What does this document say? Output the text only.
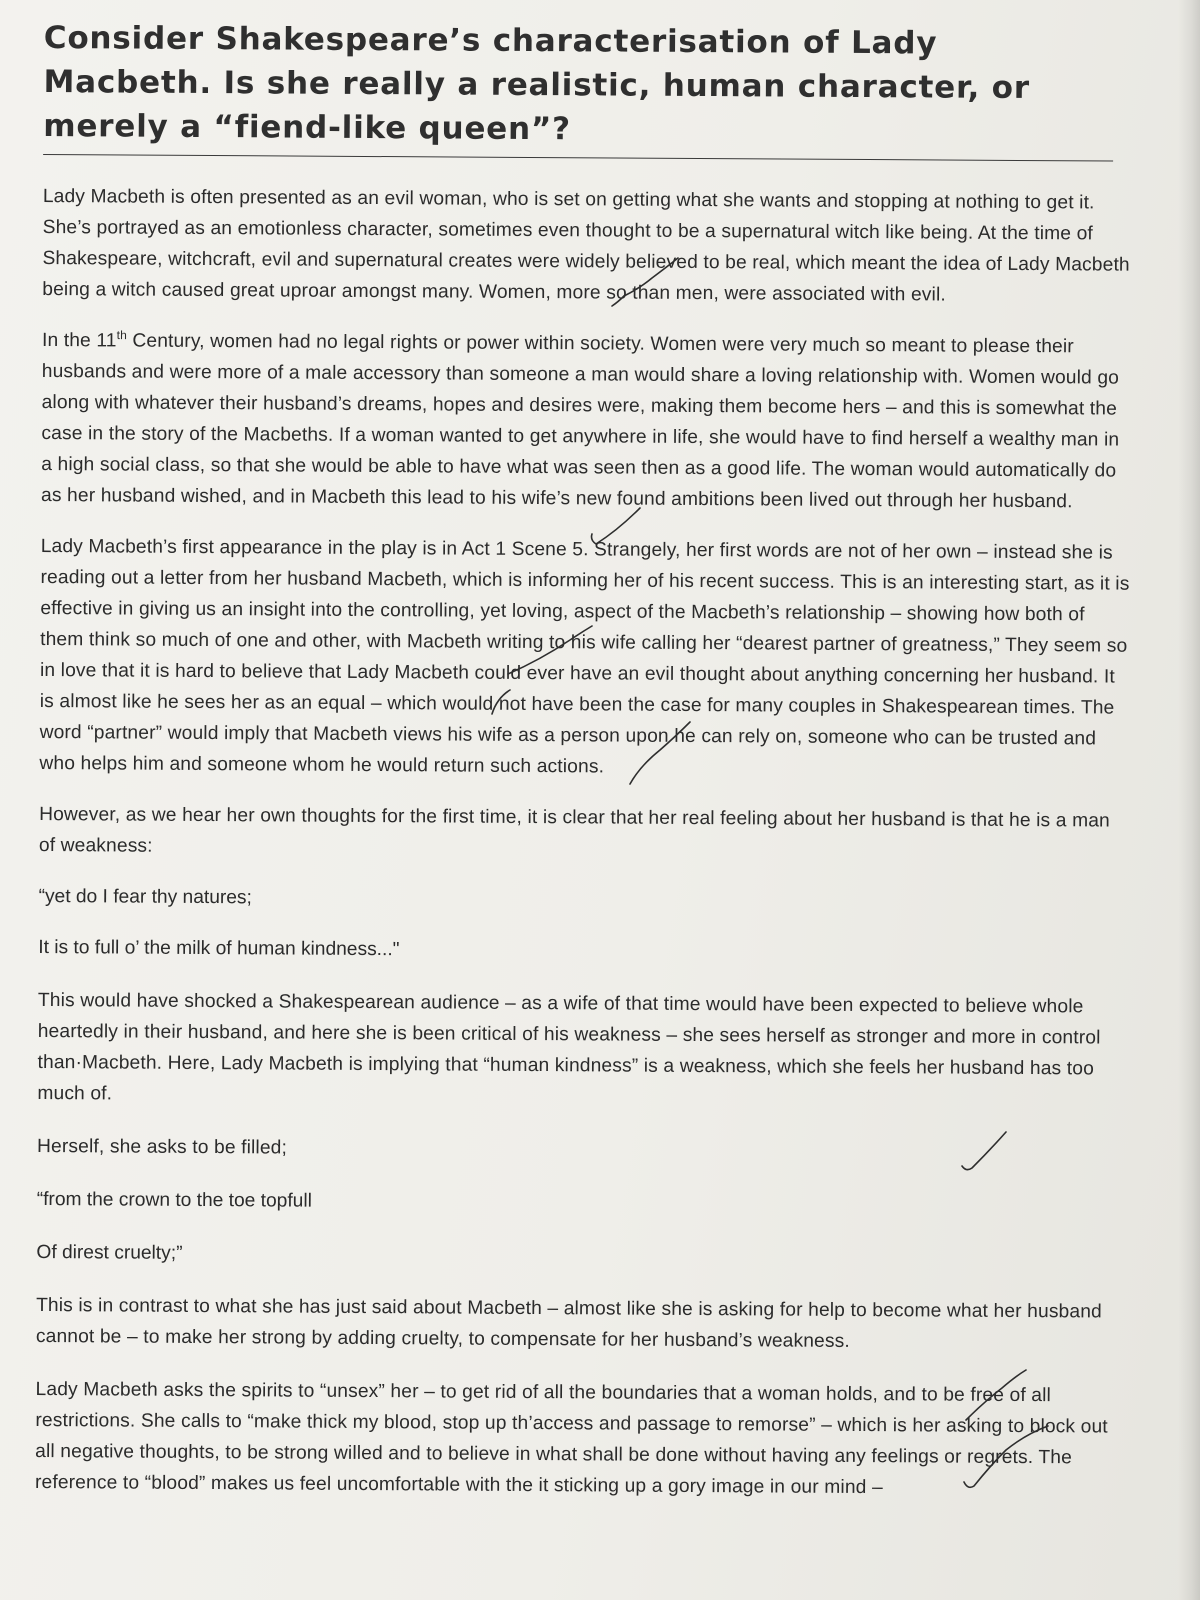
Consider Shakespeare’s characterisation of Lady Macbeth. Is she really a realistic, human character, or merely a “fiend-like queen”?

Lady Macbeth is often presented as an evil woman, who is set on getting what she wants and stopping at nothing to get it. She’s portrayed as an emotionless character, sometimes even thought to be a supernatural witch like being. At the time of Shakespeare, witchcraft, evil and supernatural creates were widely believed to be real, which meant the idea of Lady Macbeth being a witch caused great uproar amongst many. Women, more so than men, were associated with evil.

In the 11th Century, women had no legal rights or power within society. Women were very much so meant to please their husbands and were more of a male accessory than someone a man would share a loving relationship with. Women would go along with whatever their husband’s dreams, hopes and desires were, making them become hers – and this is somewhat the case in the story of the Macbeths. If a woman wanted to get anywhere in life, she would have to find herself a wealthy man in a high social class, so that she would be able to have what was seen then as a good life. The woman would automatically do as her husband wished, and in Macbeth this lead to his wife’s new found ambitions been lived out through her husband.

Lady Macbeth’s first appearance in the play is in Act 1 Scene 5. Strangely, her first words are not of her own – instead she is reading out a letter from her husband Macbeth, which is informing her of his recent success. This is an interesting start, as it is effective in giving us an insight into the controlling, yet loving, aspect of the Macbeth’s relationship – showing how both of them think so much of one and other, with Macbeth writing to his wife calling her “dearest partner of greatness,” They seem so in love that it is hard to believe that Lady Macbeth could ever have an evil thought about anything concerning her husband. It is almost like he sees her as an equal – which would not have been the case for many couples in Shakespearean times. The word “partner” would imply that Macbeth views his wife as a person upon he can rely on, someone who can be trusted and who helps him and someone whom he would return such actions.

However, as we hear her own thoughts for the first time, it is clear that her real feeling about her husband is that he is a man of weakness:

“yet do I fear thy natures;

It is to full o’ the milk of human kindness..."

This would have shocked a Shakespearean audience – as a wife of that time would have been expected to believe whole heartedly in their husband, and here she is been critical of his weakness – she sees herself as stronger and more in control than·Macbeth. Here, Lady Macbeth is implying that “human kindness” is a weakness, which she feels her husband has too much of.

Herself, she asks to be filled;

“from the crown to the toe topfull

Of direst cruelty;”

This is in contrast to what she has just said about Macbeth – almost like she is asking for help to become what her husband cannot be – to make her strong by adding cruelty, to compensate for her husband’s weakness.

Lady Macbeth asks the spirits to “unsex” her – to get rid of all the boundaries that a woman holds, and to be free of all restrictions. She calls to “make thick my blood, stop up th’access and passage to remorse” – which is her asking to block out all negative thoughts, to be strong willed and to believe in what shall be done without having any feelings or regrets. The reference to “blood” makes us feel uncomfortable with the it sticking up a gory image in our mind –
